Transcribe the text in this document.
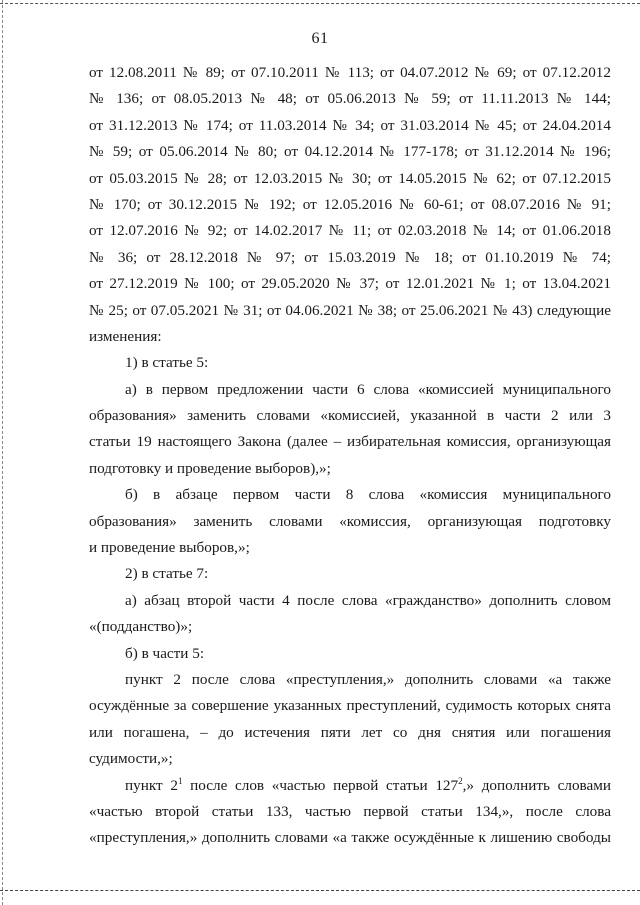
61
от 12.08.2011 № 89; от 07.10.2011 № 113; от 04.07.2012 № 69; от 07.12.2012
№ 136; от 08.05.2013 № 48; от 05.06.2013 № 59; от 11.11.2013 № 144;
от 31.12.2013 № 174; от 11.03.2014 № 34; от 31.03.2014 № 45; от 24.04.2014
№ 59; от 05.06.2014 № 80; от 04.12.2014 № 177-178; от 31.12.2014 № 196;
от 05.03.2015 № 28; от 12.03.2015 № 30; от 14.05.2015 № 62; от 07.12.2015
№ 170; от 30.12.2015 № 192; от 12.05.2016 № 60-61; от 08.07.2016 № 91;
от 12.07.2016 № 92; от 14.02.2017 № 11; от 02.03.2018 № 14; от 01.06.2018
№ 36; от 28.12.2018 № 97; от 15.03.2019 № 18; от 01.10.2019 № 74;
от 27.12.2019 № 100; от 29.05.2020 № 37; от 12.01.2021 № 1; от 13.04.2021
№ 25; от 07.05.2021 № 31; от 04.06.2021 № 38; от 25.06.2021 № 43) следующие
изменения:
1) в статье 5:
а) в первом предложении части 6 слова «комиссией муниципального
образования» заменить словами «комиссией, указанной в части 2 или 3
статьи 19 настоящего Закона (далее – избирательная комиссия, организующая
подготовку и проведение выборов),»;
б) в абзаце первом части 8 слова «комиссия муниципального
образования» заменить словами «комиссия, организующая подготовку
и проведение выборов,»;
2) в статье 7:
а) абзац второй части 4 после слова «гражданство» дополнить словом
«(подданство)»;
б) в части 5:
пункт 2 после слова «преступления,» дополнить словами «а также
осуждённые за совершение указанных преступлений, судимость которых снята
или погашена, – до истечения пяти лет со дня снятия или погашения
судимости,»;
пункт $2^1$ после слов «частью первой статьи $127^2$,» дополнить словами
«частью второй статьи 133, частью первой статьи 134,», после слова
«преступления,» дополнить словами «а также осуждённые к лишению свободы
